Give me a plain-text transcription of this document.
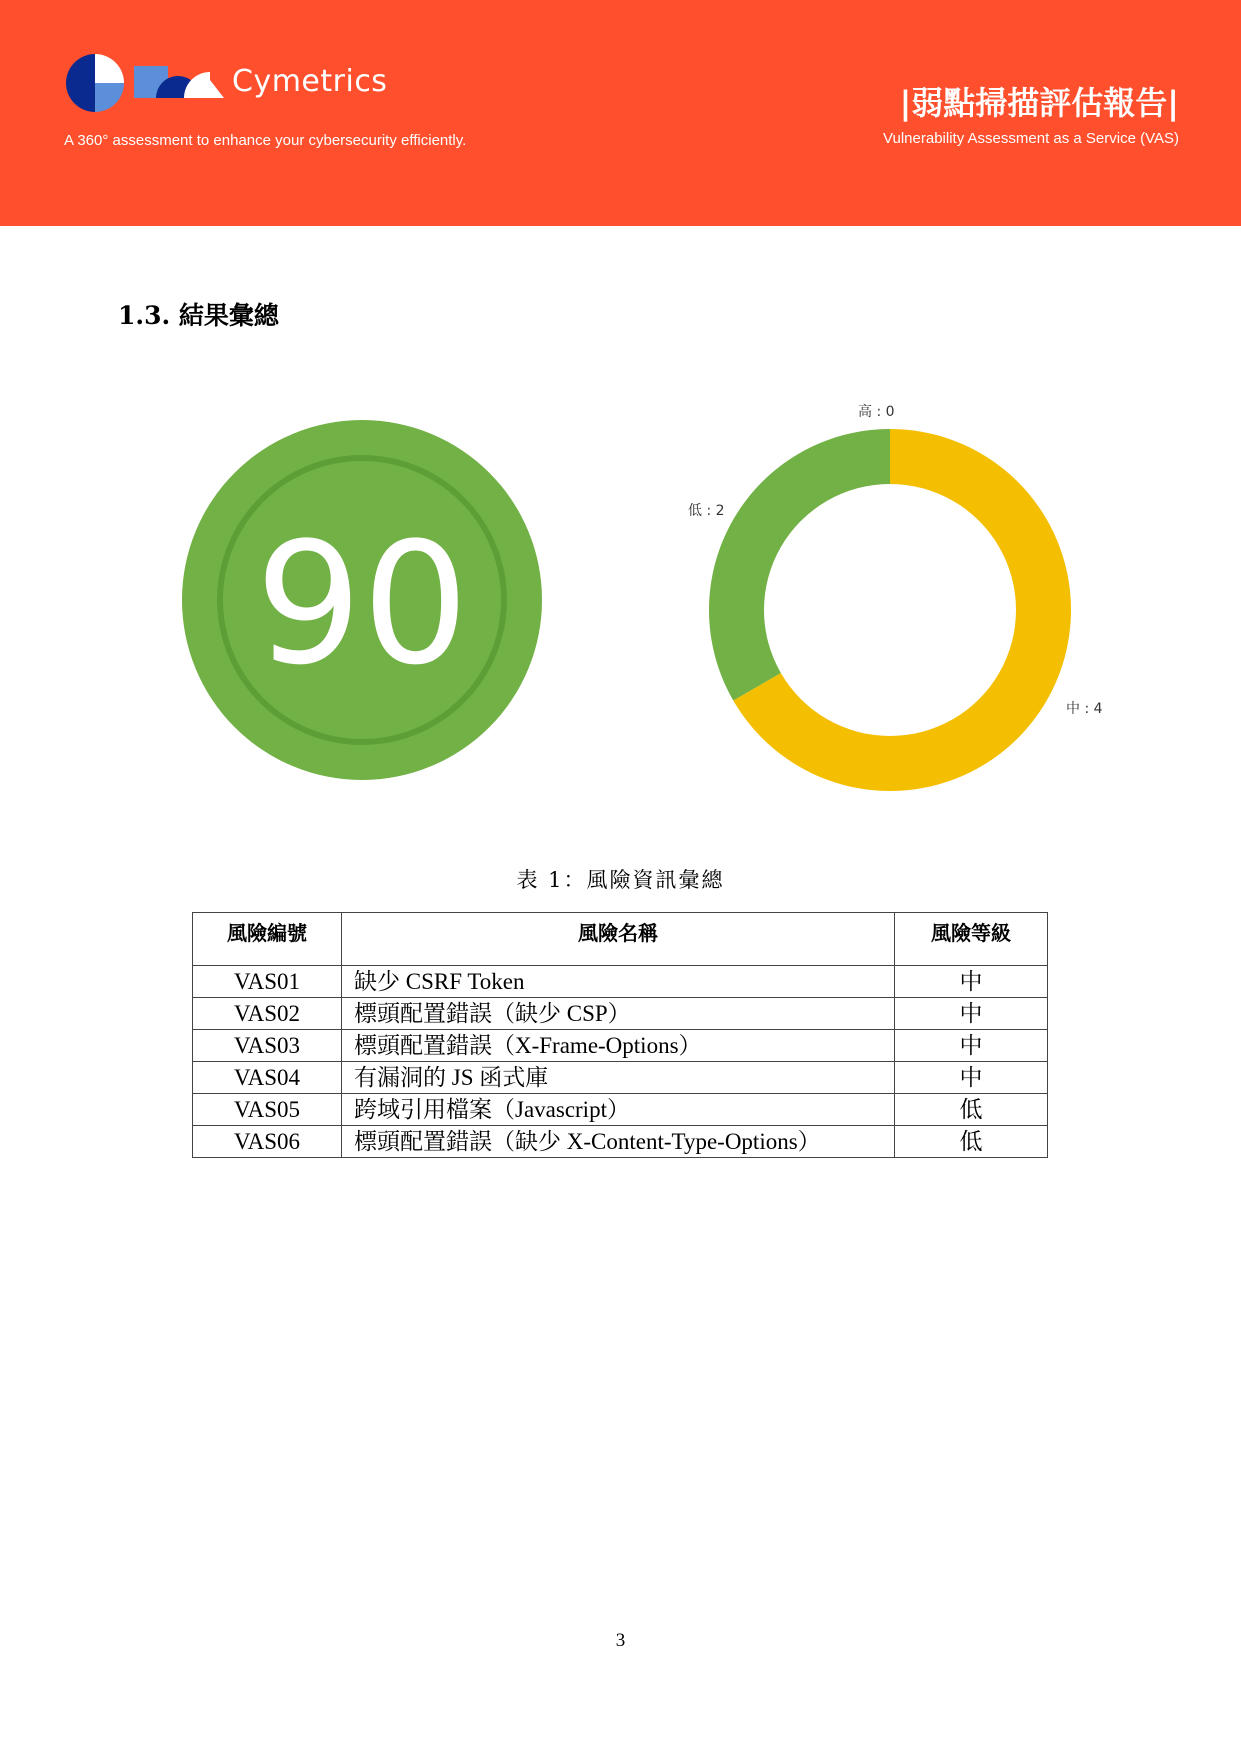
Cymetrics
A 360° assessment to enhance your cybersecurity efficiently.
|弱點掃描評估報告|
Vulnerability Assessment as a Service (VAS)
1.3. 結果彙總
90
高 : 0
中 : 4
低 : 2
表 1：風險資訊彙總
風險編號	風險名稱	風險等級
VAS01	缺少 CSRF Token	中
VAS02	標頭配置錯誤（缺少 CSP）	中
VAS03	標頭配置錯誤（X-Frame-Options）	中
VAS04	有漏洞的 JS 函式庫	中
VAS05	跨域引用檔案（Javascript）	低
VAS06	標頭配置錯誤（缺少 X-Content-Type-Options）	低
3
